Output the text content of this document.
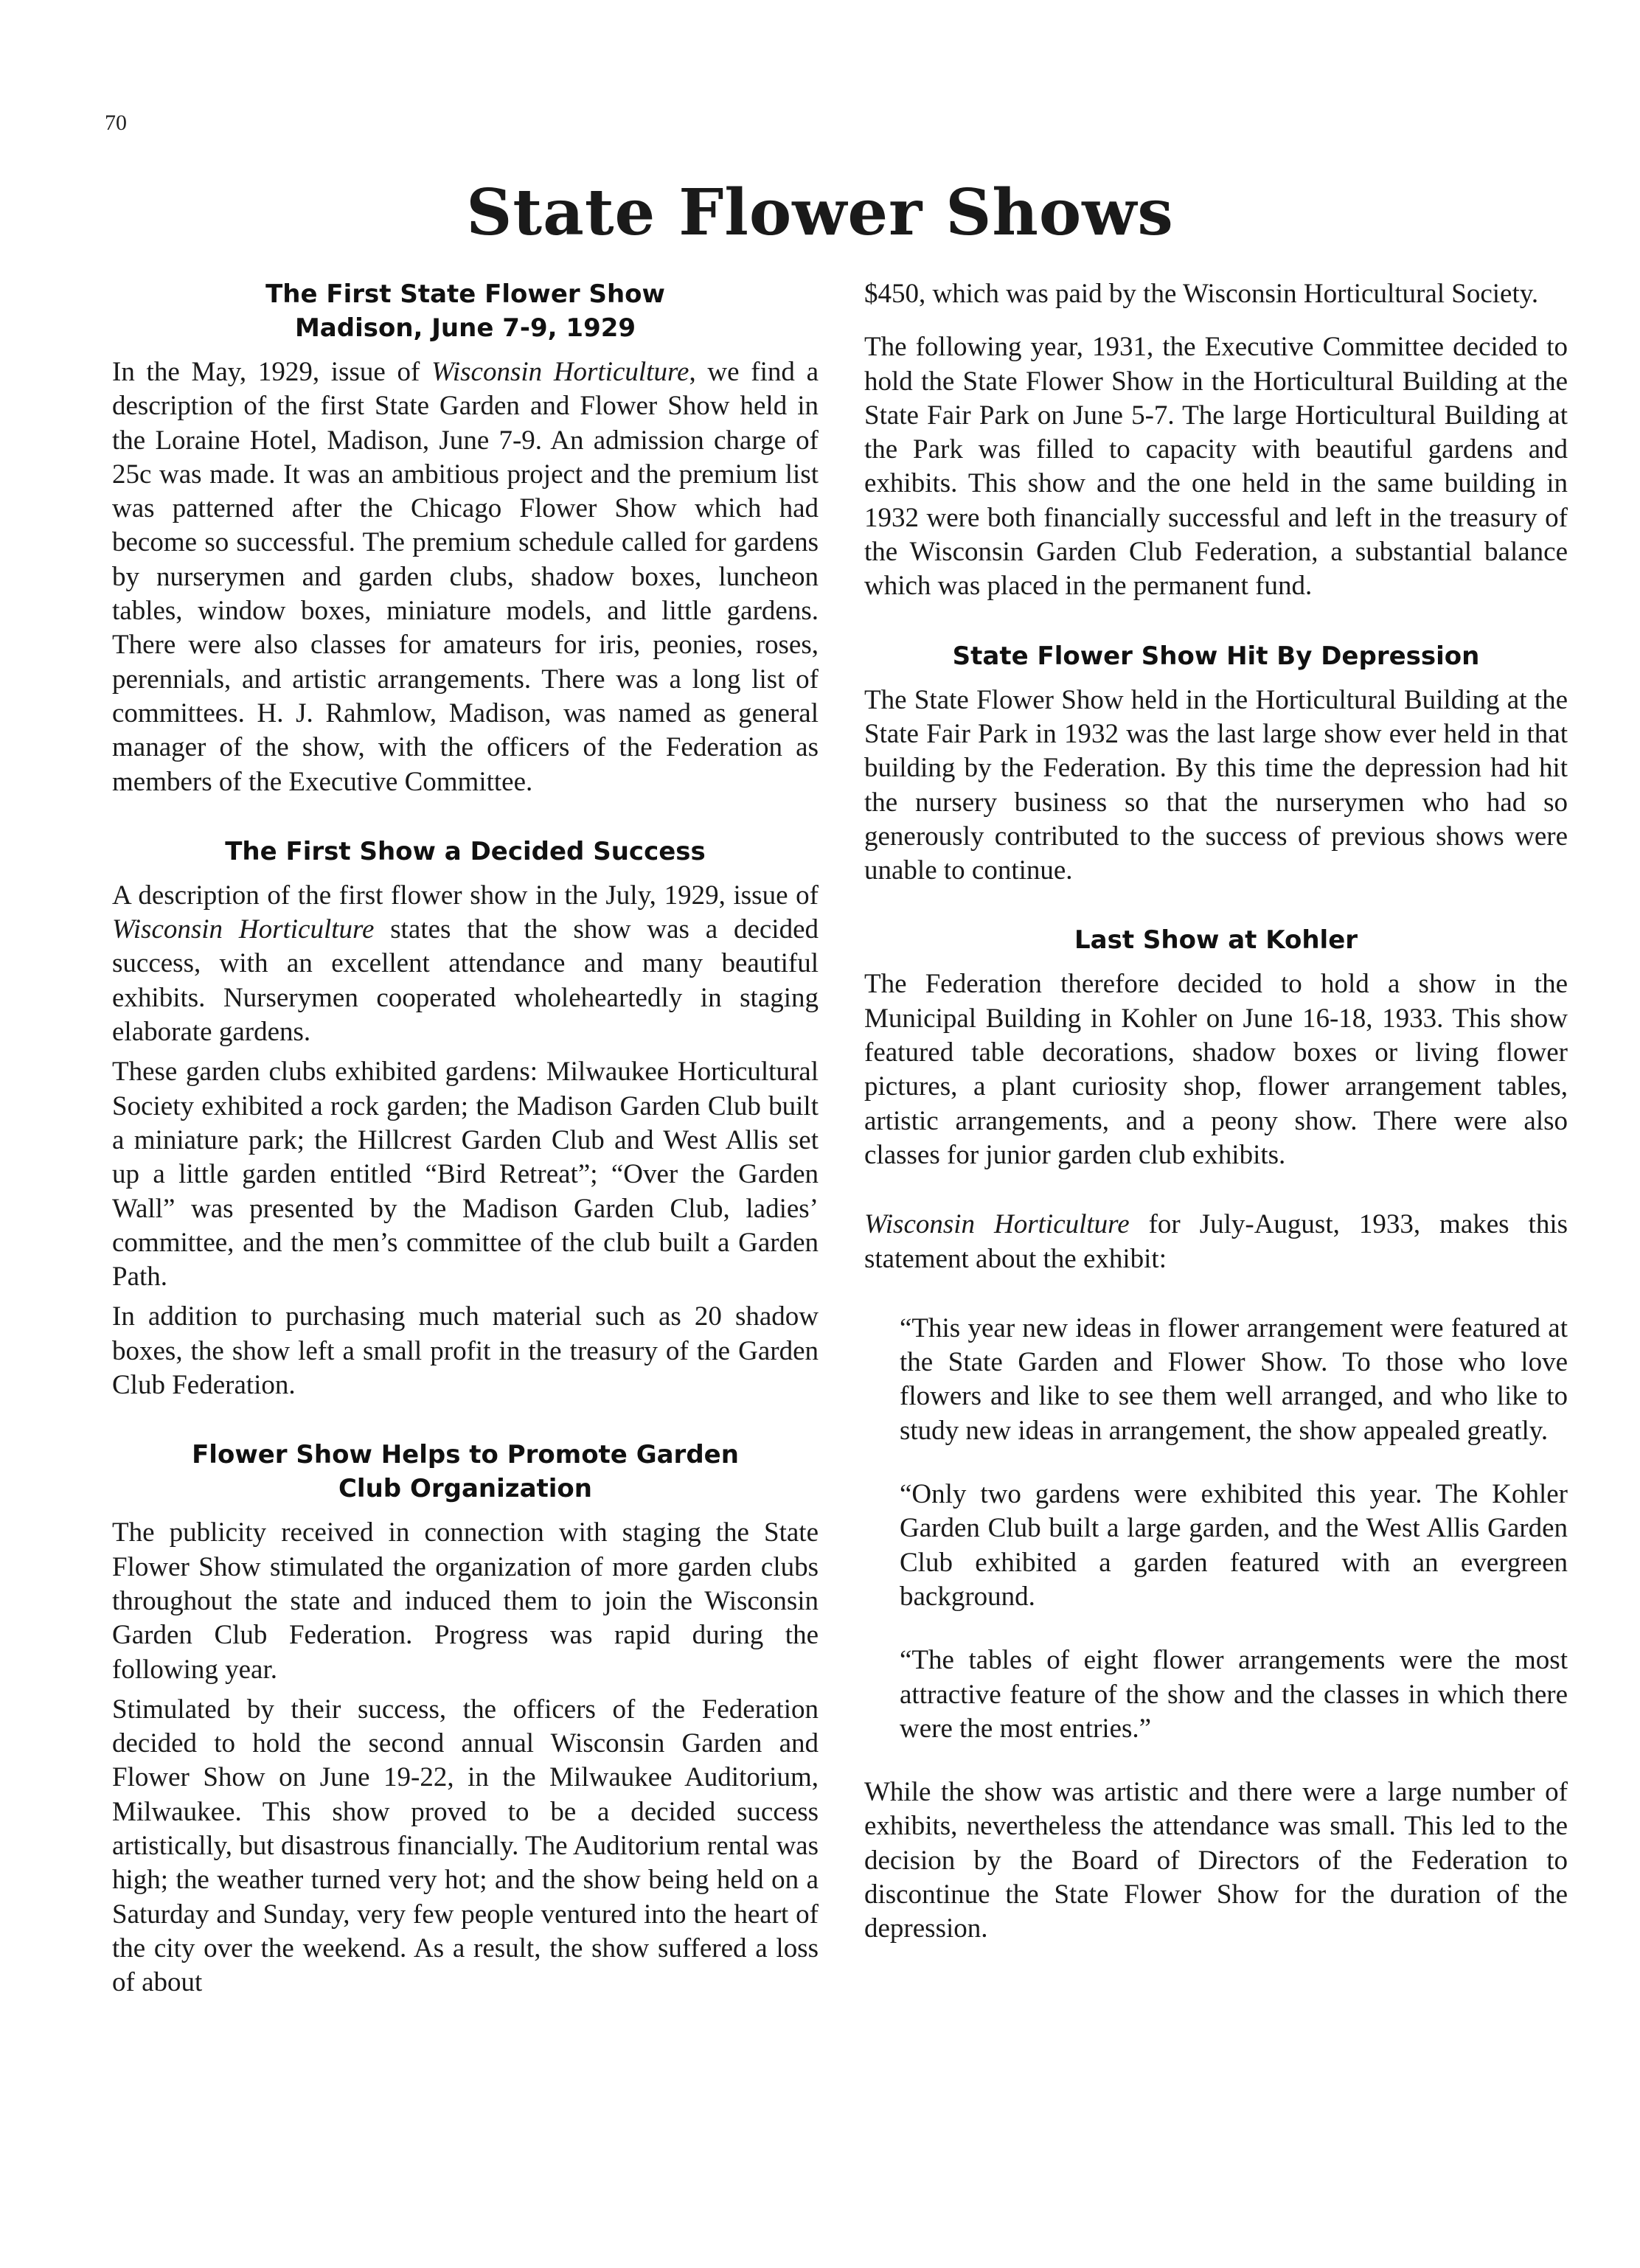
70
State Flower Shows
The First State Flower Show
Madison, June 7-9, 1929

In the May, 1929, issue of Wisconsin Horticulture, we find a description of the first State Garden and Flower Show held in the Loraine Hotel, Madison, June 7-9. An admission charge of 25c was made. It was an ambitious project and the premium list was patterned after the Chicago Flower Show which had become so successful. The premium schedule called for gardens by nurserymen and garden clubs, shadow boxes, luncheon tables, window boxes, miniature models, and little gardens. There were also classes for amateurs for iris, peonies, roses, perennials, and artistic arrangements. There was a long list of committees. H. J. Rahmlow, Madison, was named as general manager of the show, with the officers of the Federation as members of the Executive Committee.

The First Show a Decided Success

A description of the first flower show in the July, 1929, issue of Wisconsin Horticulture states that the show was a decided success, with an excellent attendance and many beautiful exhibits. Nurserymen cooperated wholeheartedly in staging elaborate gardens.

These garden clubs exhibited gardens: Milwaukee Horticultural Society exhibited a rock garden; the Madison Garden Club built a miniature park; the Hillcrest Garden Club and West Allis set up a little garden entitled “Bird Retreat”; “Over the Garden Wall” was presented by the Madison Garden Club, ladies’ committee, and the men’s committee of the club built a Garden Path.

In addition to purchasing much material such as 20 shadow boxes, the show left a small profit in the treasury of the Garden Club Federation.

Flower Show Helps to Promote Garden
Club Organization

The publicity received in connection with staging the State Flower Show stimulated the organization of more garden clubs throughout the state and induced them to join the Wisconsin Garden Club Federation. Progress was rapid during the following year.

Stimulated by their success, the officers of the Federation decided to hold the second annual Wisconsin Garden and Flower Show on June 19-22, in the Milwaukee Auditorium, Milwaukee. This show proved to be a decided success artistically, but disastrous financially. The Auditorium rental was high; the weather turned very hot; and the show being held on a Saturday and Sunday, very few people ventured into the heart of the city over the weekend. As a result, the show suffered a loss of about

$450, which was paid by the Wisconsin Horticultural Society.

The following year, 1931, the Executive Committee decided to hold the State Flower Show in the Horticultural Building at the State Fair Park on June 5-7. The large Horticultural Building at the Park was filled to capacity with beautiful gardens and exhibits. This show and the one held in the same building in 1932 were both financially successful and left in the treasury of the Wisconsin Garden Club Federation, a substantial balance which was placed in the permanent fund.

State Flower Show Hit By Depression

The State Flower Show held in the Horticultural Building at the State Fair Park in 1932 was the last large show ever held in that building by the Federation. By this time the depression had hit the nursery business so that the nurserymen who had so generously contributed to the success of previous shows were unable to continue.

Last Show at Kohler

The Federation therefore decided to hold a show in the Municipal Building in Kohler on June 16-18, 1933. This show featured table decorations, shadow boxes or living flower pictures, a plant curiosity shop, flower arrangement tables, artistic arrangements, and a peony show. There were also classes for junior garden club exhibits.

Wisconsin Horticulture for July-August, 1933, makes this statement about the exhibit:

“This year new ideas in flower arrangement were featured at the State Garden and Flower Show. To those who love flowers and like to see them well arranged, and who like to study new ideas in arrangement, the show appealed greatly.

“Only two gardens were exhibited this year. The Kohler Garden Club built a large garden, and the West Allis Garden Club exhibited a garden featured with an evergreen background.

“The tables of eight flower arrangements were the most attractive feature of the show and the classes in which there were the most entries.”

While the show was artistic and there were a large number of exhibits, nevertheless the attendance was small. This led to the decision by the Board of Directors of the Federation to discontinue the State Flower Show for the duration of the depression.
